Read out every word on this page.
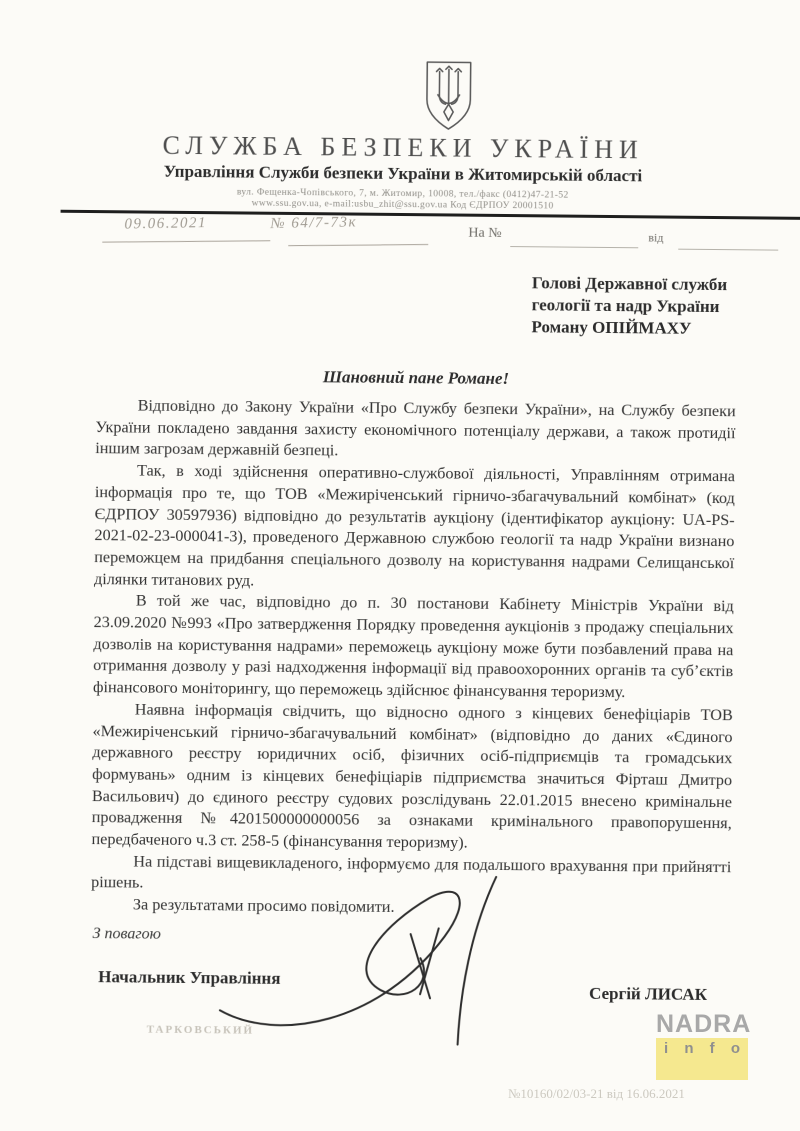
СЛУЖБА БЕЗПЕКИ УКРАЇНИ
Управління Служби безпеки України в Житомирській області
вул. Фещенка-Чопівського, 7, м. Житомир, 10008, тел./факс (0412)47-21-52
www.ssu.gov.ua, e-mail:usbu_zhit@ssu.gov.ua Код ЄДРПОУ 20001510
09.06.2021	№ 64/7-73к
На №	від
Голові Державної служби
геології та надр України
Роману ОПІЙМАХУ
Шановний пане Романе!

Відповідно до Закону України «Про Службу безпеки України», на Службу безпеки України покладено завдання захисту економічного потенціалу держави, а також протидії іншим загрозам державній безпеці.

Так, в ході здійснення оперативно-службової діяльності, Управлінням отримана інформація про те, що ТОВ «Межиріченський гірничо-збагачувальний комбінат» (код ЄДРПОУ 30597936) відповідно до результатів аукціону (ідентифікатор аукціону: UA-PS-2021-02-23-000041-3), проведеного Державною службою геології та надр України визнано переможцем на придбання спеціального дозволу на користування надрами Селищанської ділянки титанових руд.

В той же час, відповідно до п. 30 постанови Кабінету Міністрів України від 23.09.2020 №993 «Про затвердження Порядку проведення аукціонів з продажу спеціальних дозволів на користування надрами» переможець аукціону може бути позбавлений права на отримання дозволу у разі надходження інформації від правоохоронних органів та суб’єктів фінансового моніторингу, що переможець здійснює фінансування тероризму.

Наявна інформація свідчить, що відносно одного з кінцевих бенефіціарів ТОВ «Межиріченський гірничо-збагачувальний комбінат» (відповідно до даних «Єдиного державного реєстру юридичних осіб, фізичних осіб-підприємців та громадських формувань» одним із кінцевих бенефіціарів підприємства значиться Фірташ Дмитро Васильович) до єдиного реєстру судових розслідувань 22.01.2015 внесено кримінальне провадження №4201500000000056 за ознаками кримінального правопорушення, передбаченого ч.3 ст. 258-5 (фінансування тероризму).

На підставі вищевикладеного, інформуємо для подальшого врахування при прийнятті рішень.

За результатами просимо повідомити.

З повагою
Начальник Управління
Сергій ЛИСАК
ТАРКОВСЬКИЙ	NADRA
i n f o
№10160/02/03-21 від 16.06.2021
